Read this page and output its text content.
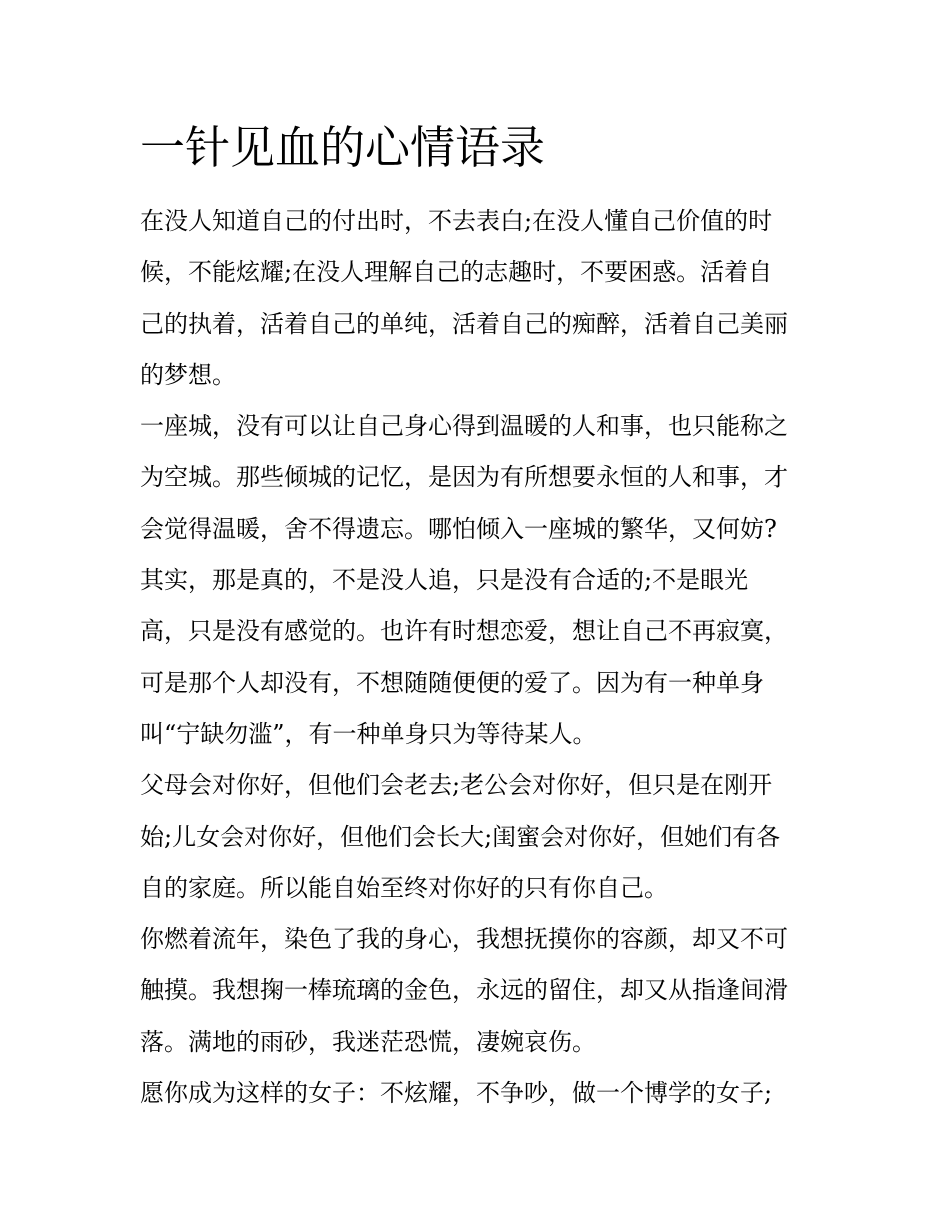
一针见血的心情语录
在没人知道自己的付出时，不去表白;在没人懂自己价值的时
候，不能炫耀;在没人理解自己的志趣时，不要困惑。活着自
己的执着，活着自己的单纯，活着自己的痴醉，活着自己美丽
的梦想。
一座城，没有可以让自己身心得到温暖的人和事，也只能称之
为空城。那些倾城的记忆，是因为有所想要永恒的人和事，才
会觉得温暖，舍不得遗忘。哪怕倾入一座城的繁华，又何妨?
其实，那是真的，不是没人追，只是没有合适的;不是眼光
高，只是没有感觉的。也许有时想恋爱，想让自己不再寂寞，
可是那个人却没有，不想随随便便的爱了。因为有一种单身
叫“宁缺勿滥”，有一种单身只为等待某人。
父母会对你好，但他们会老去;老公会对你好，但只是在刚开
始;儿女会对你好，但他们会长大;闺蜜会对你好，但她们有各
自的家庭。所以能自始至终对你好的只有你自己。
你燃着流年，染色了我的身心，我想抚摸你的容颜，却又不可
触摸。我想掬一棒琉璃的金色，永远的留住，却又从指逢间滑
落。满地的雨砂，我迷茫恐慌，凄婉哀伤。
愿你成为这样的女子：不炫耀，不争吵，做一个博学的女子;
